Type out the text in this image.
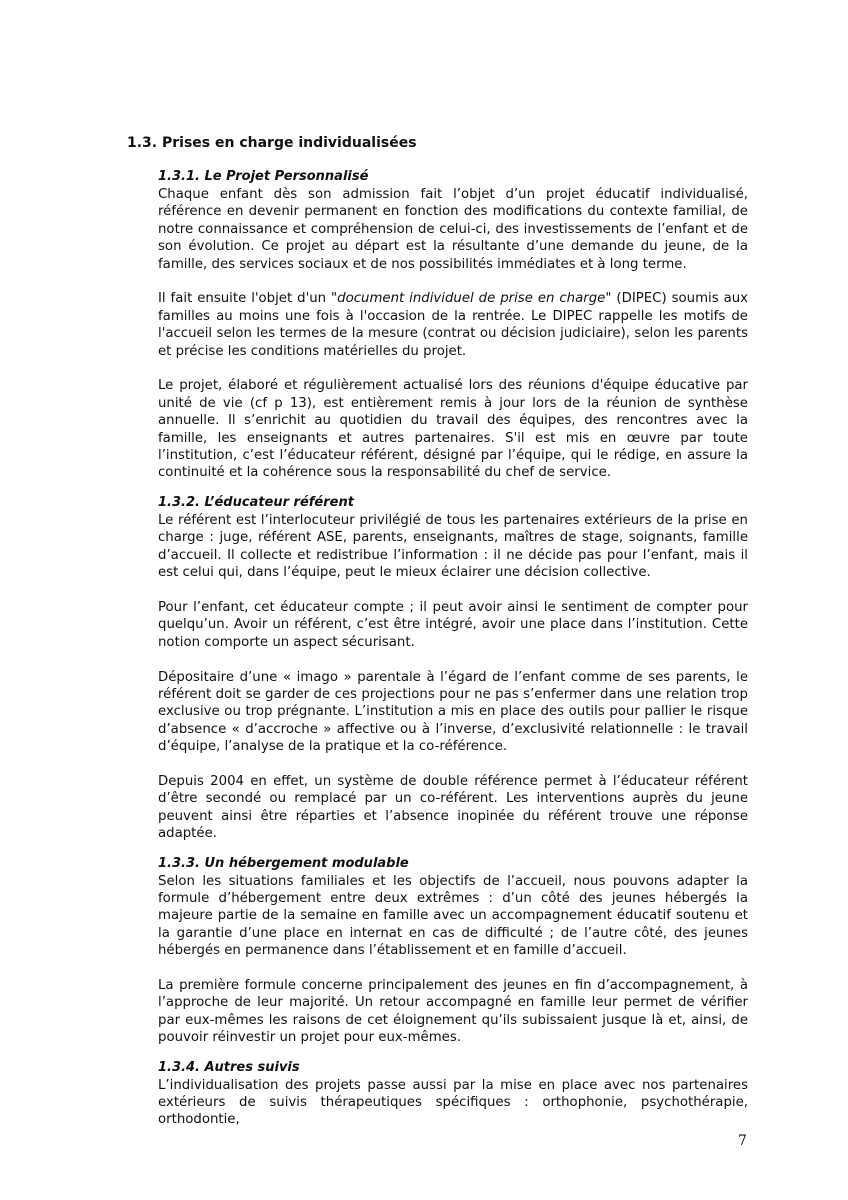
1.3. Prises en charge individualisées
1.3.1. Le Projet Personnalisé

Chaque enfant dès son admission fait l’objet d’un projet éducatif individualisé, référence en devenir permanent en fonction des modifications du contexte familial, de notre connaissance et compréhension de celui-ci, des investissements de l’enfant et de son évolution. Ce projet au départ est la résultante d’une demande du jeune, de la famille, des services sociaux et de nos possibilités immédiates et à long terme.

Il fait ensuite l'objet d'un "document individuel de prise en charge" (DIPEC) soumis aux familles au moins une fois à l'occasion de la rentrée. Le DIPEC rappelle les motifs de l'accueil selon les termes de la mesure (contrat ou décision judiciaire), selon les parents et précise les conditions matérielles du projet.

Le projet, élaboré et régulièrement actualisé lors des réunions d'équipe éducative par unité de vie (cf p 13), est entièrement remis à jour lors de la réunion de synthèse annuelle. Il s’enrichit au quotidien du travail des équipes, des rencontres avec la famille, les enseignants et autres partenaires. S'il est mis en œuvre par toute l’institution, c’est l’éducateur référent, désigné par l’équipe, qui le rédige, en assure la continuité et la cohérence sous la responsabilité du chef de service.

1.3.2. L’éducateur référent

Le référent est l’interlocuteur privilégié de tous les partenaires extérieurs de la prise en charge : juge, référent ASE, parents, enseignants, maîtres de stage, soignants, famille d’accueil. Il collecte et redistribue l’information : il ne décide pas pour l’enfant, mais il est celui qui, dans l’équipe, peut le mieux éclairer une décision collective.

Pour l’enfant, cet éducateur compte ; il peut avoir ainsi le sentiment de compter pour quelqu’un. Avoir un référent, c’est être intégré, avoir une place dans l’institution. Cette notion comporte un aspect sécurisant.

Dépositaire d’une « imago » parentale à l’égard de l’enfant comme de ses parents, le référent doit se garder de ces projections pour ne pas s’enfermer dans une relation trop exclusive ou trop prégnante. L’institution a mis en place des outils pour pallier le risque d’absence « d’accroche » affective ou à l’inverse, d’exclusivité relationnelle : le travail d’équipe, l’analyse de la pratique et la co-référence.

Depuis 2004 en effet, un système de double référence permet à l’éducateur référent d’être secondé ou remplacé par un co-référent. Les interventions auprès du jeune peuvent ainsi être réparties et l’absence inopinée du référent trouve une réponse adaptée.

1.3.3. Un hébergement modulable

Selon les situations familiales et les objectifs de l’accueil, nous pouvons adapter la formule d’hébergement entre deux extrêmes : d’un côté des jeunes hébergés la majeure partie de la semaine en famille avec un accompagnement éducatif soutenu et la garantie d’une place en internat en cas de difficulté ; de l’autre côté, des jeunes hébergés en permanence dans l’établissement et en famille d’accueil.

La première formule concerne principalement des jeunes en fin d’accompagnement, à l’approche de leur majorité. Un retour accompagné en famille leur permet de vérifier par eux-mêmes les raisons de cet éloignement qu’ils subissaient jusque là et, ainsi, de pouvoir réinvestir un projet pour eux-mêmes.

1.3.4. Autres suivis

L’individualisation des projets passe aussi par la mise en place avec nos partenaires extérieurs de suivis thérapeutiques spécifiques : orthophonie, psychothérapie, orthodontie,

7
